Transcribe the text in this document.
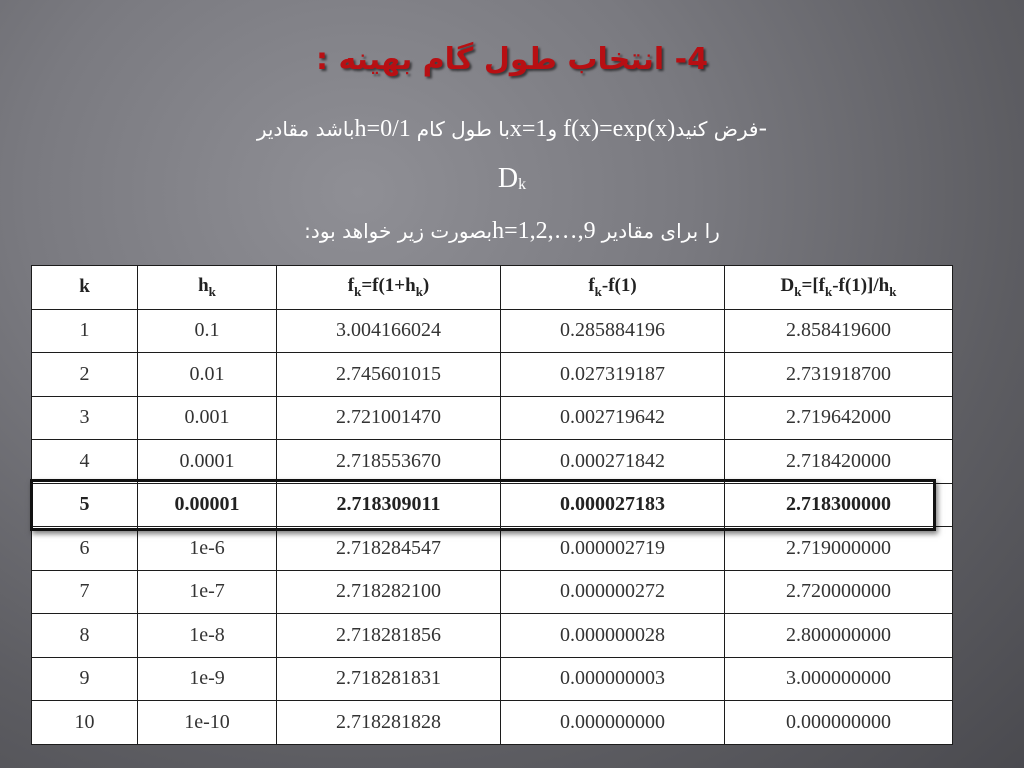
4- انتخاب طول گام بهینه :
-فرض کنیدf(x)=exp(x) وx=1با طول کام h=0/1باشد مقادیر
Dk
را برای مقادیر h=1,2,…,9بصورت زیر خواهد بود:
k	$h_k$	$f_k=f(1+h_k)$	$f_k-f(1)$	$D_k=[f_k-f(1)]/h_k$
1	0.1	3.004166024	0.285884196	2.858419600
2	0.01	2.745601015	0.027319187	2.731918700
3	0.001	2.721001470	0.002719642	2.719642000
4	0.0001	2.718553670	0.000271842	2.718420000
5	0.00001	2.718309011	0.000027183	2.718300000
6	1e-6	2.718284547	0.000002719	2.719000000
7	1e-7	2.718282100	0.000000272	2.720000000
8	1e-8	2.718281856	0.000000028	2.800000000
9	1e-9	2.718281831	0.000000003	3.000000000
10	1e-10	2.718281828	0.000000000	0.000000000
